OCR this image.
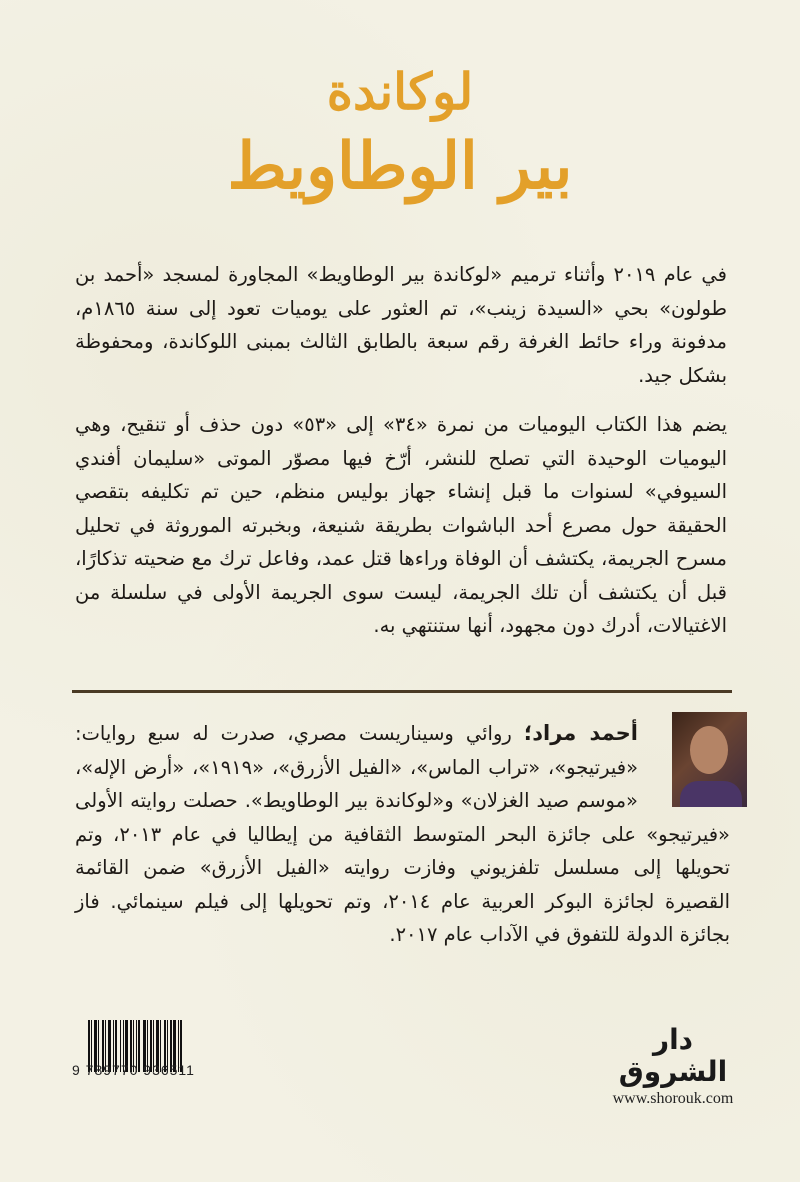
لوكاندة
بير الوطاويط

في عام ٢٠١٩ وأثناء ترميم «لوكاندة بير الوطاويط» المجاورة لمسجد «أحمد بن طولون» بحي «السيدة زينب»، تم العثور على يوميات تعود إلى سنة ١٨٦٥م، مدفونة وراء حائط الغرفة رقم سبعة بالطابق الثالث بمبنى اللوكاندة، ومحفوظة بشكل جيد.

يضم هذا الكتاب اليوميات من نمرة «٣٤» إلى «٥٣» دون حذف أو تنقيح، وهي اليوميات الوحيدة التي تصلح للنشر، أرّخ فيها مصوّر الموتى «سليمان أفندي السيوفي» لسنوات ما قبل إنشاء جهاز بوليس منظم، حين تم تكليفه بتقصي الحقيقة حول مصرع أحد الباشوات بطريقة شنيعة، وبخبرته الموروثة في تحليل مسرح الجريمة، يكتشف أن الوفاة وراءها قتل عمد، وفاعل ترك مع ضحيته تذكارًا، قبل أن يكتشف أن تلك الجريمة، ليست سوى الجريمة الأولى في سلسلة من الاغتيالات، أدرك دون مجهود، أنها ستنتهي به.

أحمد مراد؛ روائي وسيناريست مصري، صدرت له سبع روايات: «فيرتيجو»، «تراب الماس»، «الفيل الأزرق»، «١٩١٩»، «أرض الإله»، «موسم صيد الغزلان» و«لوكاندة بير الوطاويط». حصلت روايته الأولى «فيرتيجو» على جائزة البحر المتوسط الثقافية من إيطاليا في عام ٢٠١٣، وتم تحويلها إلى مسلسل تلفزيوني وفازت روايته «الفيل الأزرق» ضمن القائمة القصيرة لجائزة البوكر العربية عام ٢٠١٤، وتم تحويلها إلى فيلم سينمائي. فاز بجائزة الدولة للتفوق في الآداب عام ٢٠١٧.
9 789770 936511
دار الشروق
www.shorouk.com
